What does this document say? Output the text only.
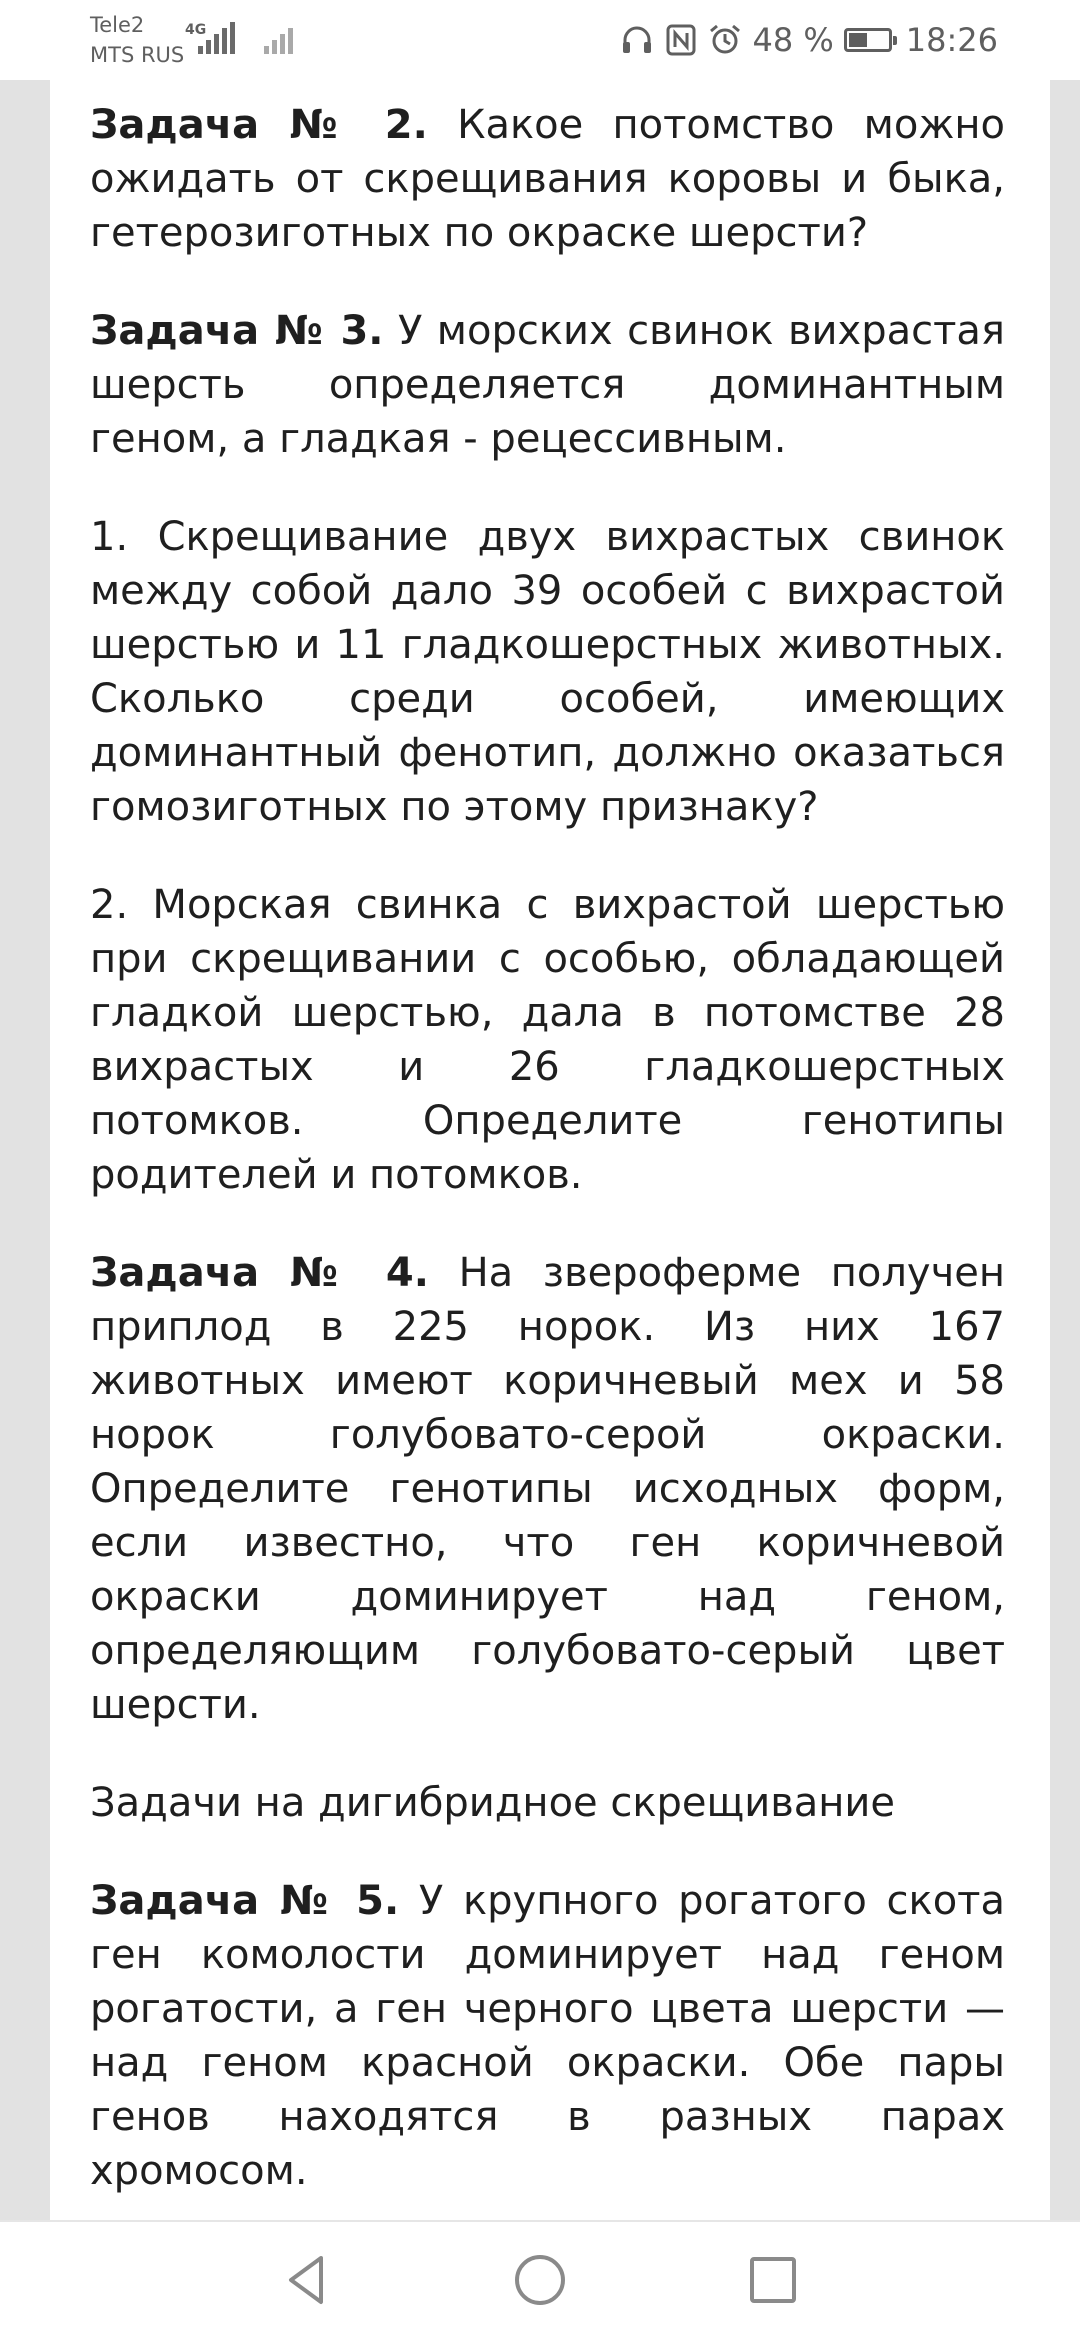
Tele2
MTS RUS
4G	48 % 18:26

Задача № 2. Какое потомство можно ожидать от скрещивания коровы и быка, гетерозиготных по окраске шерсти?

Задача № 3. У морских свинок вихрастая шерсть определяется доминантным геном, а гладкая - рецессивным.

1. Скрещивание двух вихрастых свинок между собой дало 39 особей с вихрастой шерстью и 11 гладкошерстных животных. Сколько среди особей, имеющих доминантный фенотип, должно оказаться гомозиготных по этому признаку?

2. Морская свинка с вихрастой шерстью при скрещивании с особью, обладающей гладкой шерстью, дала в потомстве 28 вихрастых и 26 гладкошерстных потомков. Определите генотипы родителей и потомков.

Задача № 4. На звероферме получен приплод в 225 норок. Из них 167 животных имеют коричневый мех и 58 норок голубовато-серой окраски. Определите генотипы исходных форм, если известно, что ген коричневой окраски доминирует над геном, определяющим голубовато-серый цвет шерсти.

Задачи на дигибридное скрещивание

Задача № 5. У крупного рогатого скота ген комолости доминирует над геном рогатости, а ген черного цвета шерсти — над геном красной окраски. Обе пары генов находятся в разных парах хромосом.
